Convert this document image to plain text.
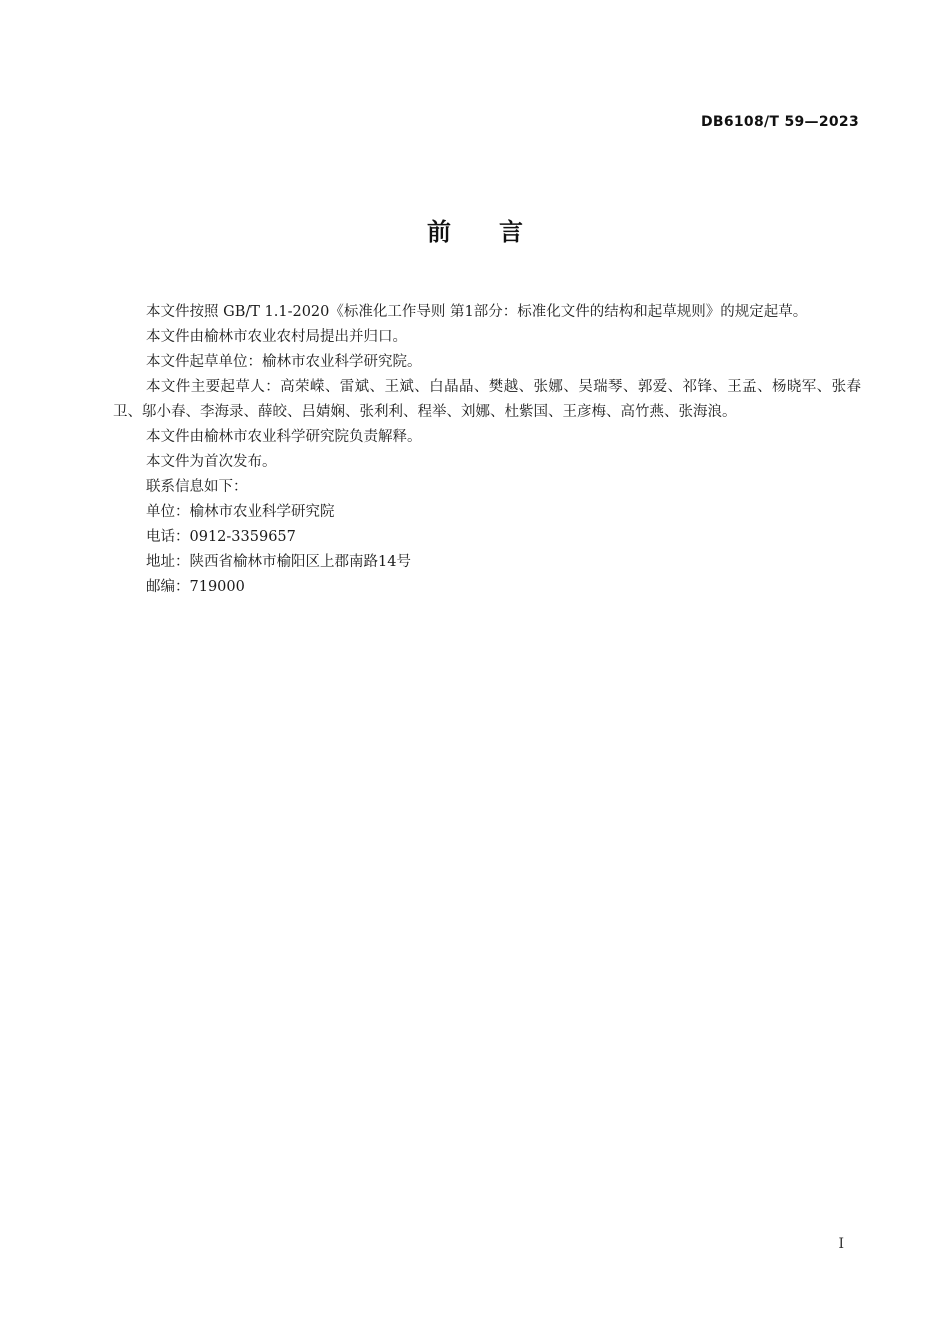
DB6108/T 59—2023
前言

本文件按照 GB/T 1.1-2020《标准化工作导则 第1部分：标准化文件的结构和起草规则》的规定起草。

本文件由榆林市农业农村局提出并归口。

本文件起草单位：榆林市农业科学研究院。

本文件主要起草人：高荣嵘、雷斌、王斌、白晶晶、樊越、张娜、吴瑞琴、郭爱、祁锋、王孟、杨晓军、张春卫、邬小春、李海录、薛皎、吕婧娴、张利利、程举、刘娜、杜紫国、王彦梅、高竹燕、张海浪。

本文件由榆林市农业科学研究院负责解释。

本文件为首次发布。

联系信息如下：

单位：榆林市农业科学研究院

电话：0912-3359657

地址：陕西省榆林市榆阳区上郡南路14号

邮编：719000

I
